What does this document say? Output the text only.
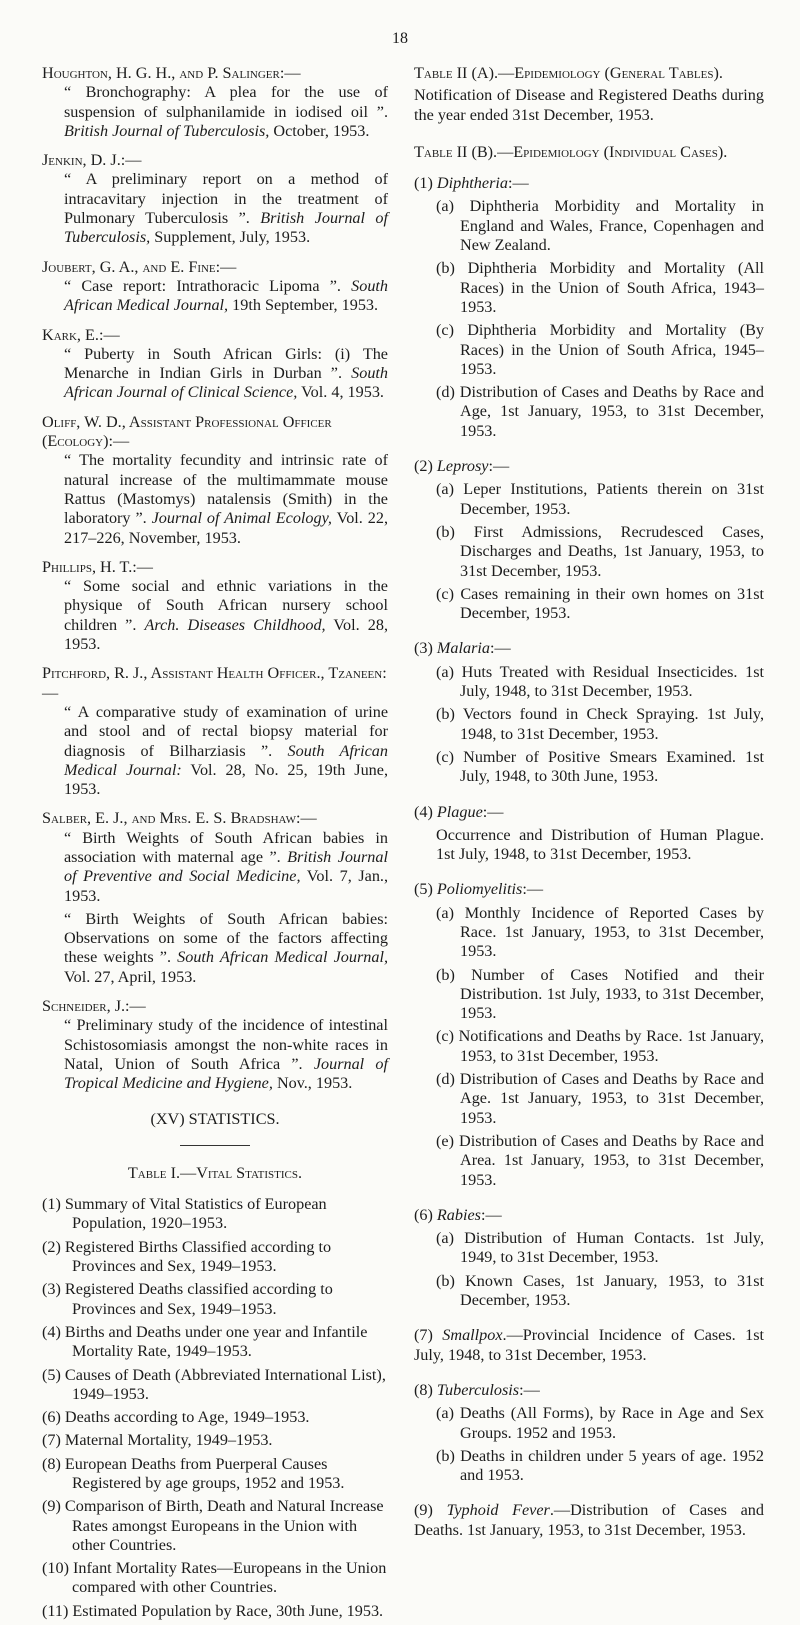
18
Houghton, H. G. H., and P. Salinger:—
“ Bronchography: A plea for the use of suspension of sulphanilamide in iodised oil ”. British Journal of Tuberculosis, October, 1953.
Jenkin, D. J.:—
“ A preliminary report on a method of intracavitary injection in the treatment of Pulmonary Tuberculosis ”. British Journal of Tuberculosis, Supplement, July, 1953.
Joubert, G. A., and E. Fine:—
“ Case report: Intrathoracic Lipoma ”. South African Medical Journal, 19th September, 1953.
Kark, E.:—
“ Puberty in South African Girls: (i) The Menarche in Indian Girls in Durban ”. South African Journal of Clinical Science, Vol. 4, 1953.
Oliff, W. D., Assistant Professional Officer (Ecology):—
“ The mortality fecundity and intrinsic rate of natural increase of the multimammate mouse Rattus (Mastomys) natalensis (Smith) in the laboratory ”. Journal of Animal Ecology, Vol. 22, 217–226, November, 1953.
Phillips, H. T.:—
“ Some social and ethnic variations in the physique of South African nursery school children ”. Arch. Diseases Childhood, Vol. 28, 1953.
Pitchford, R. J., Assistant Health Officer., Tzaneen:—
“ A comparative study of examination of urine and stool and of rectal biopsy material for diagnosis of Bilharziasis ”. South African Medical Journal: Vol. 28, No. 25, 19th June, 1953.
Salber, E. J., and Mrs. E. S. Bradshaw:—
“ Birth Weights of South African babies in association with maternal age ”. British Journal of Preventive and Social Medicine, Vol. 7, Jan., 1953.
“ Birth Weights of South African babies: Observations on some of the factors affecting these weights ”. South African Medical Journal, Vol. 27, April, 1953.
Schneider, J.:—
“ Preliminary study of the incidence of intestinal Schistosomiasis amongst the non-white races in Natal, Union of South Africa ”. Journal of Tropical Medicine and Hygiene, Nov., 1953.
(XV) STATISTICS.
Table I.—Vital Statistics.
(1) Summary of Vital Statistics of European Population, 1920–1953.
(2) Registered Births Classified according to Provinces and Sex, 1949–1953.
(3) Registered Deaths classified according to Provinces and Sex, 1949–1953.
(4) Births and Deaths under one year and Infantile Mortality Rate, 1949–1953.
(5) Causes of Death (Abbreviated International List), 1949–1953.
(6) Deaths according to Age, 1949–1953.
(7) Maternal Mortality, 1949–1953.
(8) European Deaths from Puerperal Causes Registered by age groups, 1952 and 1953.
(9) Comparison of Birth, Death and Natural Increase Rates amongst Europeans in the Union with other Countries.
(10) Infant Mortality Rates—Europeans in the Union compared with other Countries.
(11) Estimated Population by Race, 30th June, 1953.
Table II (A).—Epidemiology (General Tables).
Notification of Disease and Registered Deaths during the year ended 31st December, 1953.
Table II (B).—Epidemiology (Individual Cases).
(1) Diphtheria:—
(a) Diphtheria Morbidity and Mortality in England and Wales, France, Copenhagen and New Zealand.
(b) Diphtheria Morbidity and Mortality (All Races) in the Union of South Africa, 1943–1953.
(c) Diphtheria Morbidity and Mortality (By Races) in the Union of South Africa, 1945–1953.
(d) Distribution of Cases and Deaths by Race and Age, 1st January, 1953, to 31st December, 1953.
(2) Leprosy:—
(a) Leper Institutions, Patients therein on 31st December, 1953.
(b) First Admissions, Recrudesced Cases, Discharges and Deaths, 1st January, 1953, to 31st December, 1953.
(c) Cases remaining in their own homes on 31st December, 1953.
(3) Malaria:—
(a) Huts Treated with Residual Insecticides. 1st July, 1948, to 31st December, 1953.
(b) Vectors found in Check Spraying. 1st July, 1948, to 31st December, 1953.
(c) Number of Positive Smears Examined. 1st July, 1948, to 30th June, 1953.
(4) Plague:—
Occurrence and Distribution of Human Plague. 1st July, 1948, to 31st December, 1953.
(5) Poliomyelitis:—
(a) Monthly Incidence of Reported Cases by Race. 1st January, 1953, to 31st December, 1953.
(b) Number of Cases Notified and their Distribution. 1st July, 1933, to 31st December, 1953.
(c) Notifications and Deaths by Race. 1st January, 1953, to 31st December, 1953.
(d) Distribution of Cases and Deaths by Race and Age. 1st January, 1953, to 31st December, 1953.
(e) Distribution of Cases and Deaths by Race and Area. 1st January, 1953, to 31st December, 1953.
(6) Rabies:—
(a) Distribution of Human Contacts. 1st July, 1949, to 31st December, 1953.
(b) Known Cases, 1st January, 1953, to 31st December, 1953.
(7) Smallpox.—Provincial Incidence of Cases. 1st July, 1948, to 31st December, 1953.
(8) Tuberculosis:—
(a) Deaths (All Forms), by Race in Age and Sex Groups. 1952 and 1953.
(b) Deaths in children under 5 years of age. 1952 and 1953.
(9) Typhoid Fever.—Distribution of Cases and Deaths. 1st January, 1953, to 31st December, 1953.
